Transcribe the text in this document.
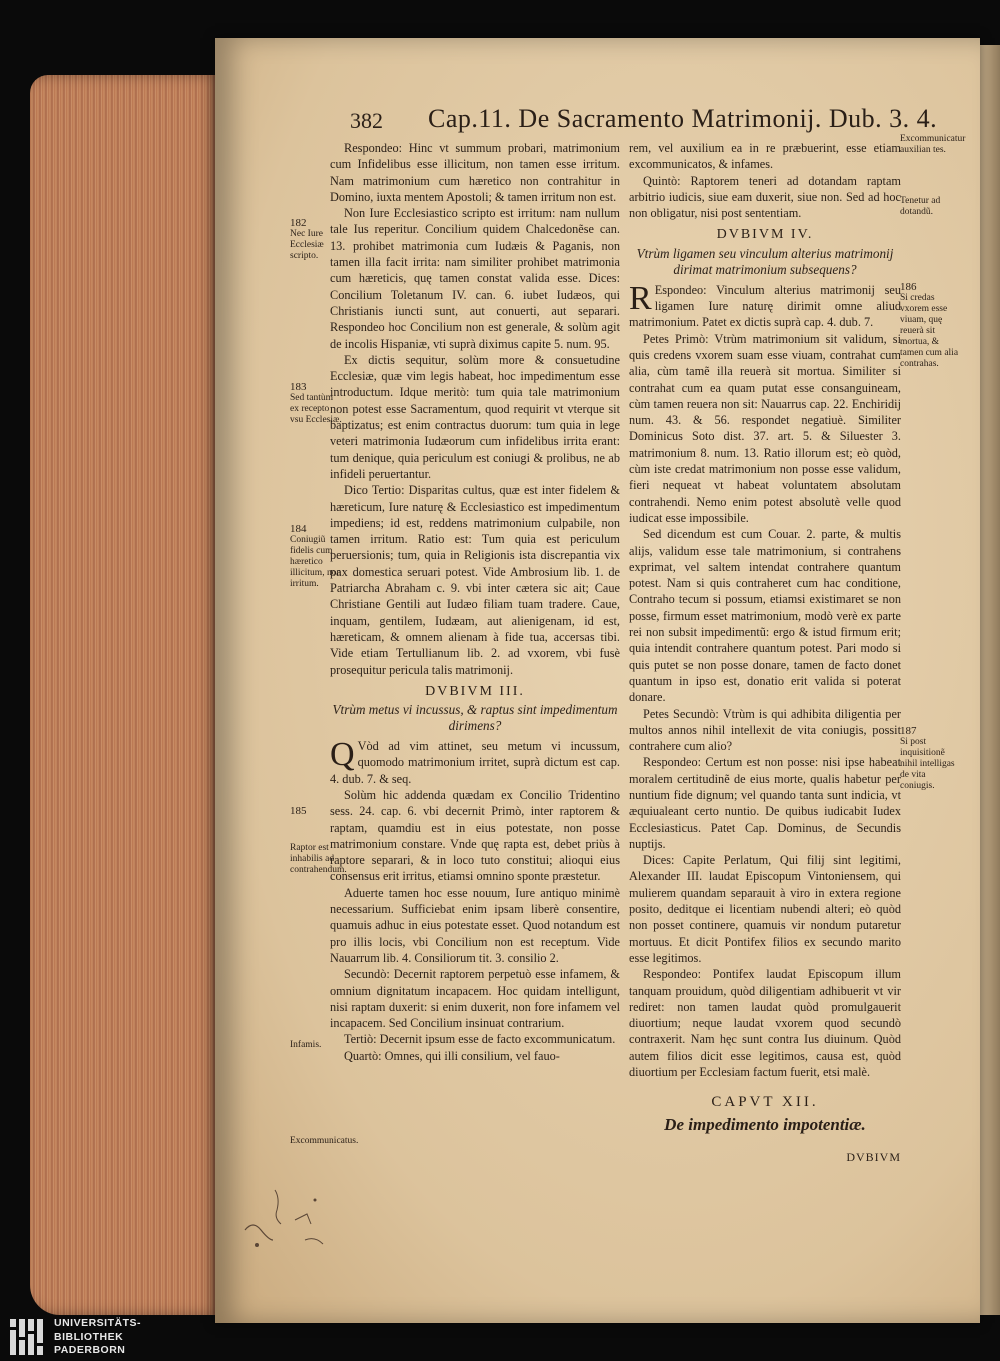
382 Cap.11. De Sacramento Matrimonij. Dub. 3. 4.

Respondeo: Hinc vt summum probari, matrimonium cum Infidelibus esse illicitum, non tamen esse irritum. Nam matrimonium cum hæretico non contrahitur in Domino, iuxta mentem Apostoli; & tamen irritum non est.

Non Iure Ecclesiastico scripto est irritum: nam nullum tale Ius reperitur. Concilium quidem Chalcedonẽse can. 13. prohibet matrimonia cum Iudæis & Paganis, non tamen illa facit irrita: nam similiter prohibet matrimonia cum hæreticis, quę tamen constat valida esse. Dices: Concilium Toletanum IV. can. 6. iubet Iudæos, qui Christianis iuncti sunt, aut conuerti, aut separari. Respondeo hoc Concilium non est generale, & solùm agit de incolis Hispaniæ, vti suprà diximus capite 5. num. 95.

Ex dictis sequitur, solùm more & consuetudine Ecclesiæ, quæ vim legis habeat, hoc impedimentum esse introductum. Idque meritò: tum quia tale matrimonium non potest esse Sacramentum, quod requirit vt vterque sit baptizatus; est enim contractus duorum: tum quia in lege veteri matrimonia Iudæorum cum infidelibus irrita erant: tum denique, quia periculum est coniugi & prolibus, ne ab infideli peruertantur.

Dico Tertio: Disparitas cultus, quæ est inter fidelem & hæreticum, Iure naturę & Ecclesiastico est impedimentum impediens; id est, reddens matrimonium culpabile, non tamen irritum. Ratio est: Tum quia est periculum peruersionis; tum, quia in Religionis ista discrepantia vix pax domestica seruari potest. Vide Ambrosium lib. 1. de Patriarcha Abraham c. 9. vbi inter cætera sic ait; Caue Christiane Gentili aut Iudæo filiam tuam tradere. Caue, inquam, gentilem, Iudæam, aut alienigenam, id est, hæreticam, & omnem alienam à fide tua, accersas tibi. Vide etiam Tertullianum lib. 2. ad vxorem, vbi fusè prosequitur pericula talis matrimonij.

DVBIVM III.
Vtrùm metus vi incussus, & raptus sint impedimentum dirimens?

Q Vòd ad vim attinet, seu metum vi incussum, quomodo matrimonium irritet, suprà dictum est cap. 4. dub. 7. & seq.

Solùm hic addenda quædam ex Concilio Tridentino sess. 24. cap. 6. vbi decernit Primò, inter raptorem & raptam, quamdiu est in eius potestate, non posse matrimonium constare. Vnde quę rapta est, debet priùs à raptore separari, & in loco tuto constitui; alioqui eius consensus erit irritus, etiamsi omnino sponte præstetur.

Aduerte tamen hoc esse nouum, Iure antiquo minimè necessarium. Sufficiebat enim ipsam liberè consentire, quamuis adhuc in eius potestate esset. Quod notandum est pro illis locis, vbi Concilium non est receptum. Vide Nauarrum lib. 4. Consiliorum tit. 3. consilio 2.

Secundò: Decernit raptorem perpetuò esse infamem, & omnium dignitatum incapacem. Hoc quidam intelligunt, nisi raptam duxerit: si enim duxerit, non fore infamem vel incapacem. Sed Concilium insinuat contrarium.

Tertiò: Decernit ipsum esse de facto excommunicatum.

Quartò: Omnes, qui illi consilium, vel fauo-

182
Nec Iure Ecclesiæ scripto.
183
Sed tantùm ex recepto vsu Ecclesiæ.
184
Coniugiũ fidelis cum hæretico illicitum, non irritum.
185
Raptor est inhabilis ad contrahendum.
Infamis.
Excommunicatus.

rem, vel auxilium ea in re præbuerint, esse etiam excommunicatos, & infames.

Quintò: Raptorem teneri ad dotandam raptam arbitrio iudicis, siue eam duxerit, siue non. Sed ad hoc non obligatur, nisi post sententiam.

DVBIVM IV.
Vtrùm ligamen seu vinculum alterius matrimonij dirimat matrimonium subsequens?

R Espondeo: Vinculum alterius matrimonij seu ligamen Iure naturę dirimit omne aliud matrimonium. Patet ex dictis suprà cap. 4. dub. 7.

Petes Primò: Vtrùm matrimonium sit validum, si quis credens vxorem suam esse viuam, contrahat cum alia, cùm tamẽ illa reuerà sit mortua. Similiter si contrahat cum ea quam putat esse consanguineam, cùm tamen reuera non sit: Nauarrus cap. 22. Enchiridij num. 43. & 56. respondet negatiuè. Similiter Dominicus Soto dist. 37. art. 5. & Siluester 3. matrimonium 8. num. 13. Ratio illorum est; eò quòd, cùm iste credat matrimonium non posse esse validum, fieri nequeat vt habeat voluntatem absolutam contrahendi. Nemo enim potest absolutè velle quod iudicat esse impossibile.

Sed dicendum est cum Couar. 2. parte, & multis alijs, validum esse tale matrimonium, si contrahens exprimat, vel saltem intendat contrahere quantum potest. Nam si quis contraheret cum hac conditione, Contraho tecum si possum, etiamsi existimaret se non posse, firmum esset matrimonium, modò verè ex parte rei non subsit impedimentũ: ergo & istud firmum erit; quia intendit contrahere quantum potest. Pari modo si quis putet se non posse donare, tamen de facto donet quantum in ipso est, donatio erit valida si poterat donare.

Petes Secundò: Vtrùm is qui adhibita diligentia per multos annos nihil intellexit de vita coniugis, possit contrahere cum alio?

Respondeo: Certum est non posse: nisi ipse habeat moralem certitudinẽ de eius morte, qualis habetur per nuntium fide dignum; vel quando tanta sunt indicia, vt æquiualeant certo nuntio. De quibus iudicabit Iudex Ecclesiasticus. Patet Cap. Dominus, de Secundis nuptijs.

Dices: Capite Perlatum, Qui filij sint legitimi, Alexander III. laudat Episcopum Vintoniensem, qui mulierem quandam separauit à viro in extera regione posito, deditque ei licentiam nubendi alteri; eò quòd non posset continere, quamuis vir nondum putaretur mortuus. Et dicit Pontifex filios ex secundo marito esse legitimos.

Respondeo: Pontifex laudat Episcopum illum tanquam prouidum, quòd diligentiam adhibuerit vt vir rediret: non tamen laudat quòd promulgauerit diuortium; neque laudat vxorem quod secundò contraxerit. Nam hęc sunt contra Ius diuinum. Quòd autem filios dicit esse legitimos, causa est, quòd diuortium per Ecclesiam factum fuerit, etsi malè.

CAPVT XII.
De impedimento impotentiæ.
DVBIVM
Excommunicatur auxilian tes.
Tenetur ad dotandũ.
186
Si credas vxorem esse viuam, quę reuerà sit mortua, & tamen cum alia contrahas.
187
Si post inquisitionẽ nihil intelligas de vita coniugis.
UNIVERSITÄTS-
BIBLIOTHEK
PADERBORN
